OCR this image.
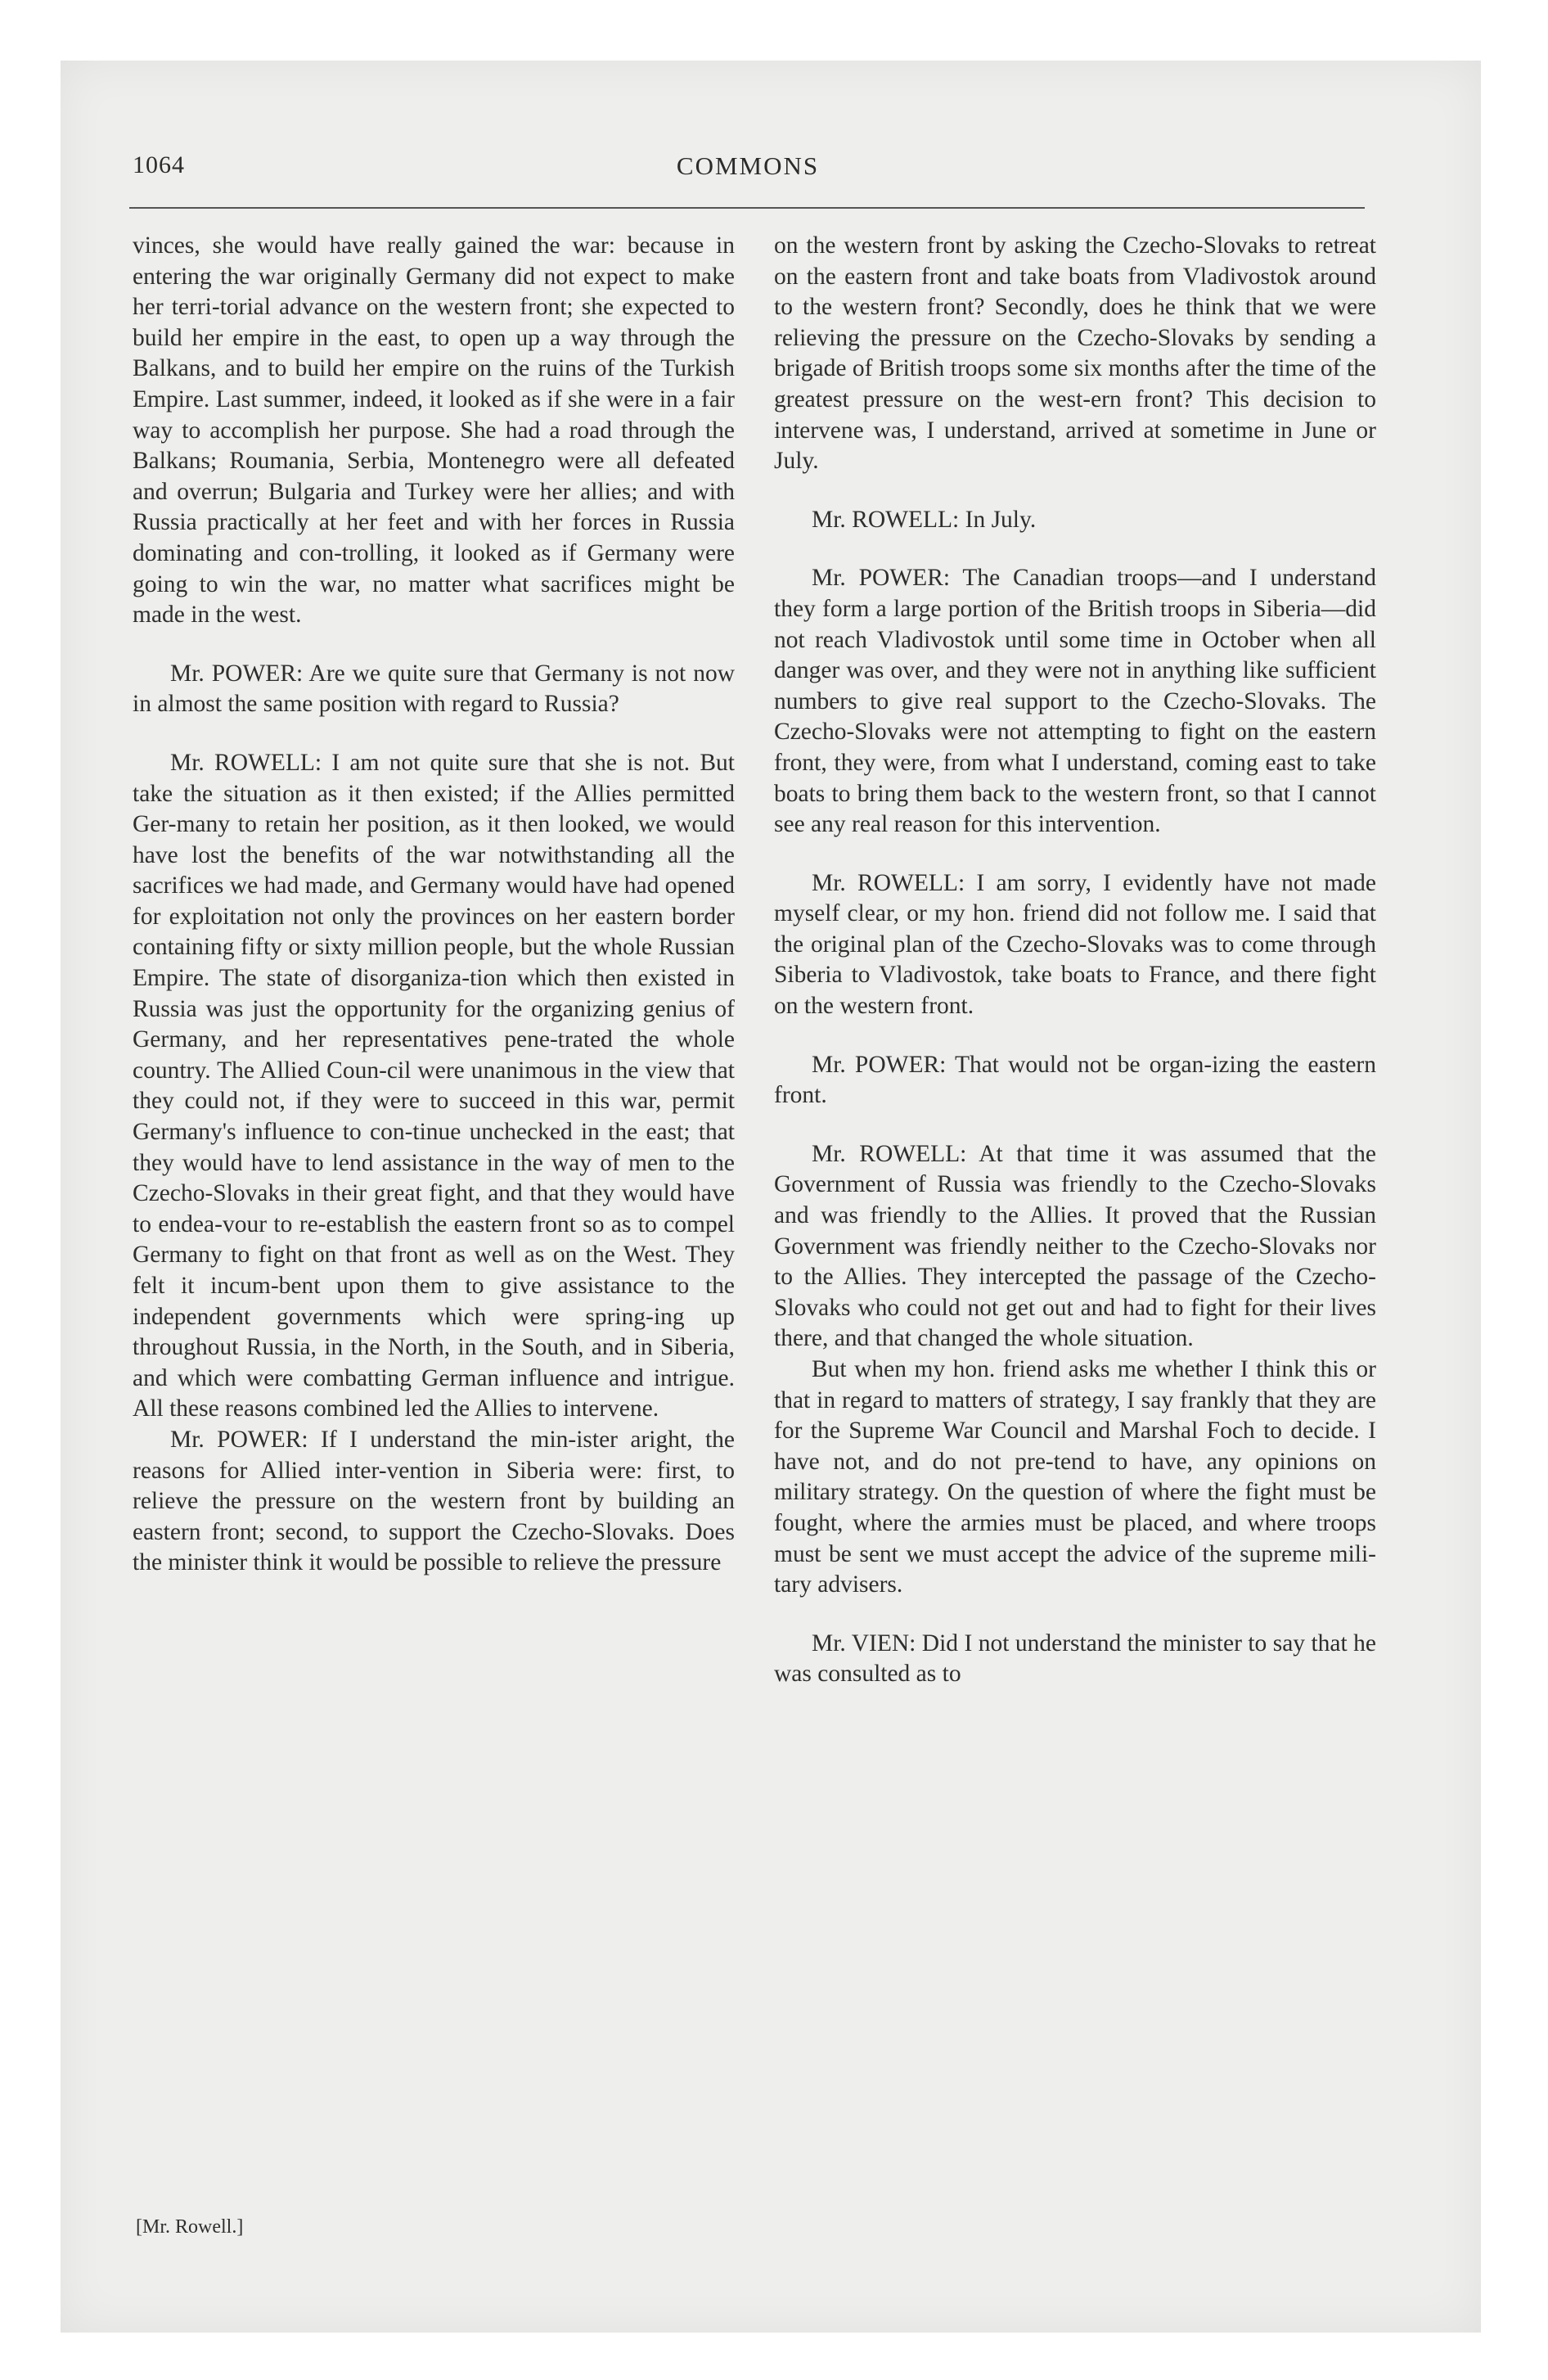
1064	COMMONS

vinces, she would have really gained the war: because in entering the war originally Germany did not expect to make her terri-torial advance on the western front; she expected to build her empire in the east, to open up a way through the Balkans, and to build her empire on the ruins of the Turkish Empire. Last summer, indeed, it looked as if she were in a fair way to accomplish her purpose. She had a road through the Balkans; Roumania, Serbia, Montenegro were all defeated and overrun; Bulgaria and Turkey were her allies; and with Russia practically at her feet and with her forces in Russia dominating and con-trolling, it looked as if Germany were going to win the war, no matter what sacrifices might be made in the west.

Mr. POWER: Are we quite sure that Germany is not now in almost the same position with regard to Russia?

Mr. ROWELL: I am not quite sure that she is not. But take the situation as it then existed; if the Allies permitted Ger-many to retain her position, as it then looked, we would have lost the benefits of the war notwithstanding all the sacrifices we had made, and Germany would have had opened for exploitation not only the provinces on her eastern border containing fifty or sixty million people, but the whole Russian Empire. The state of disorganiza-tion which then existed in Russia was just the opportunity for the organizing genius of Germany, and her representatives pene-trated the whole country. The Allied Coun-cil were unanimous in the view that they could not, if they were to succeed in this war, permit Germany's influence to con-tinue unchecked in the east; that they would have to lend assistance in the way of men to the Czecho-Slovaks in their great fight, and that they would have to endea-vour to re-establish the eastern front so as to compel Germany to fight on that front as well as on the West. They felt it incum-bent upon them to give assistance to the independent governments which were spring-ing up throughout Russia, in the North, in the South, and in Siberia, and which were combatting German influence and intrigue. All these reasons combined led the Allies to intervene.

Mr. POWER: If I understand the min-ister aright, the reasons for Allied inter-vention in Siberia were: first, to relieve the pressure on the western front by building an eastern front; second, to support the Czecho-Slovaks. Does the minister think it would be possible to relieve the pressure

on the western front by asking the Czecho-Slovaks to retreat on the eastern front and take boats from Vladivostok around to the western front? Secondly, does he think that we were relieving the pressure on the Czecho-Slovaks by sending a brigade of British troops some six months after the time of the greatest pressure on the west-ern front? This decision to intervene was, I understand, arrived at sometime in June or July.

Mr. ROWELL: In July.

Mr. POWER: The Canadian troops—and I understand they form a large portion of the British troops in Siberia—did not reach Vladivostok until some time in October when all danger was over, and they were not in anything like sufficient numbers to give real support to the Czecho-Slovaks. The Czecho-Slovaks were not attempting to fight on the eastern front, they were, from what I understand, coming east to take boats to bring them back to the western front, so that I cannot see any real reason for this intervention.

Mr. ROWELL: I am sorry, I evidently have not made myself clear, or my hon. friend did not follow me. I said that the original plan of the Czecho-Slovaks was to come through Siberia to Vladivostok, take boats to France, and there fight on the western front.

Mr. POWER: That would not be organ-izing the eastern front.

Mr. ROWELL: At that time it was assumed that the Government of Russia was friendly to the Czecho-Slovaks and was friendly to the Allies. It proved that the Russian Government was friendly neither to the Czecho-Slovaks nor to the Allies. They intercepted the passage of the Czecho-Slovaks who could not get out and had to fight for their lives there, and that changed the whole situation.

But when my hon. friend asks me whether I think this or that in regard to matters of strategy, I say frankly that they are for the Supreme War Council and Marshal Foch to decide. I have not, and do not pre-tend to have, any opinions on military strategy. On the question of where the fight must be fought, where the armies must be placed, and where troops must be sent we must accept the advice of the supreme mili-tary advisers.

Mr. VIEN: Did I not understand the minister to say that he was consulted as to

[Mr. Rowell.]
